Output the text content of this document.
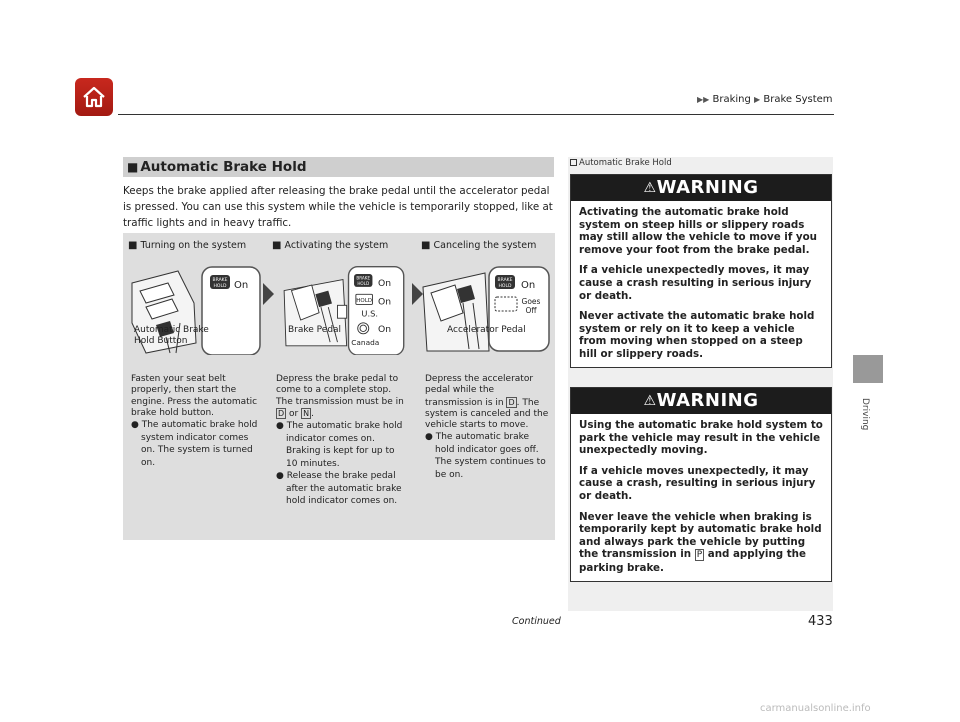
▶▶ Braking ▶ Brake System
Driving
■ Automatic Brake Hold
Keeps the brake applied after releasing the brake pedal until the accelerator pedal is pressed. You can use this system while the vehicle is temporarily stopped, like at traffic lights and in heavy traffic.
■ Turning on the system
BRAKE
HOLD On
Automatic Brake
Hold Button
Fasten your seat belt properly, then start the engine. Press the automatic brake hold button.
● The automatic brake hold system indicator comes on. The system is turned on.
■ Activating the system
BRAKE
HOLD On
HOLD On
U.S.
On
Canada
Brake Pedal
Depress the brake pedal to come to a complete stop. The transmission must be in D or N .
● The automatic brake hold indicator comes on. Braking is kept for up to 10 minutes.
● Release the brake pedal after the automatic brake hold indicator comes on.
■ Canceling the system
BRAKE
HOLD On
Goes
Off
Accelerator Pedal
Depress the accelerator pedal while the transmission is in D . The system is canceled and the vehicle starts to move.
● The automatic brake hold indicator goes off. The system continues to be on.
Automatic Brake Hold
⚠WARNING

Activating the automatic brake hold system on steep hills or slippery roads may still allow the vehicle to move if you remove your foot from the brake pedal.

If a vehicle unexpectedly moves, it may cause a crash resulting in serious injury or death.

Never activate the automatic brake hold system or rely on it to keep a vehicle from moving when stopped on a steep hill or slippery roads.

⚠WARNING

Using the automatic brake hold system to park the vehicle may result in the vehicle unexpectedly moving.

If a vehicle moves unexpectedly, it may cause a crash, resulting in serious injury or death.

Never leave the vehicle when braking is temporarily kept by automatic brake hold and always park the vehicle by putting the transmission in P and applying the parking brake.

Continued	433
carmanualsonline.info
